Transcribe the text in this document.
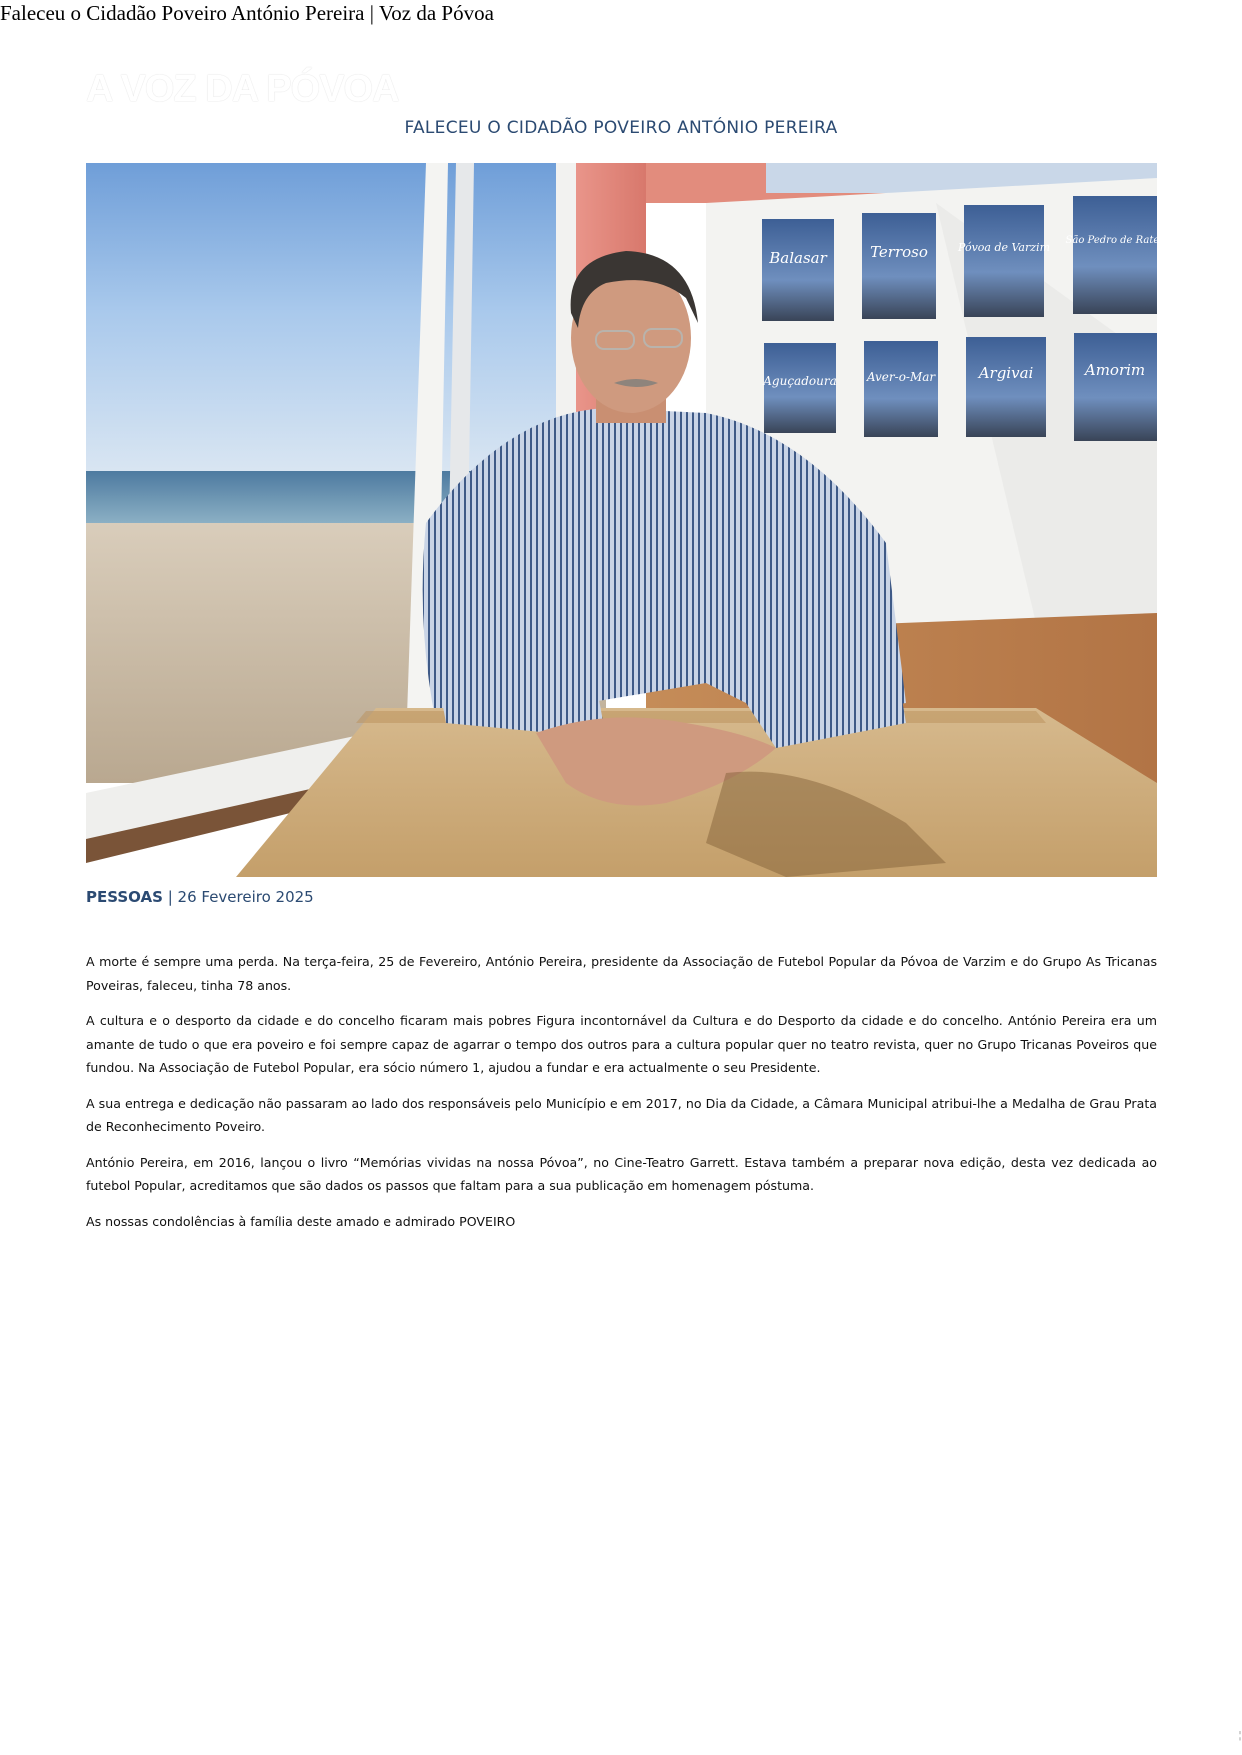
Faleceu o Cidadão Poveiro António Pereira | Voz da Póvoa
A VOZ DA PÓVOA
FALECEU O CIDADÃO POVEIRO ANTÓNIO PEREIRA
Balasar	Terroso	Póvoa de Varzim
São Pedro de Rates
Aguçadoura	Aver-o-Mar	Argivai	Amorim
PESSOAS | 26 Fevereiro 2025

A morte é sempre uma perda. Na terça-feira, 25 de Fevereiro, António Pereira, presidente da Associação de Futebol Popular da Póvoa de Varzim e do Grupo As Tricanas Poveiras, faleceu, tinha 78 anos.

A cultura e o desporto da cidade e do concelho ficaram mais pobres Figura incontornável da Cultura e do Desporto da cidade e do concelho. António Pereira era um amante de tudo o que era poveiro e foi sempre capaz de agarrar o tempo dos outros para a cultura popular quer no teatro revista, quer no Grupo Tricanas Poveiros que fundou. Na Associação de Futebol Popular, era sócio número 1, ajudou a fundar e era actualmente o seu Presidente.

A sua entrega e dedicação não passaram ao lado dos responsáveis pelo Município e em 2017, no Dia da Cidade, a Câmara Municipal atribui-lhe a Medalha de Grau Prata de Reconhecimento Poveiro.

António Pereira, em 2016, lançou o livro “Memórias vividas na nossa Póvoa”, no Cine-Teatro Garrett. Estava também a preparar nova edição, desta vez dedicada ao futebol Popular, acreditamos que são dados os passos que faltam para a sua publicação em homenagem póstuma.

As nossas condolências à família deste amado e admirado POVEIRO

¦
